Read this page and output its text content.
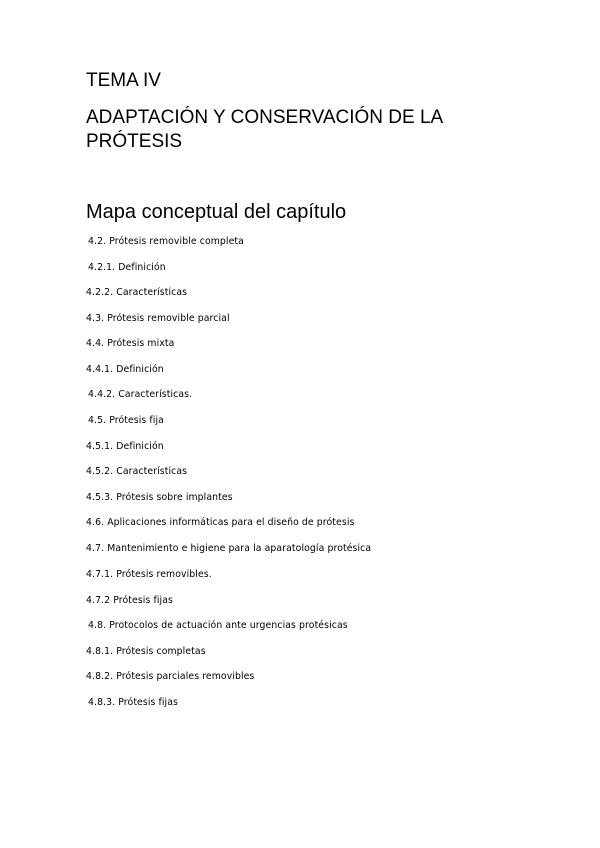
TEMA IV
ADAPTACIÓN Y CONSERVACIÓN DE LA PRÓTESIS
Mapa conceptual del capítulo
4.2. Prótesis removible completa
4.2.1. Definición
4.2.2. Características
4.3. Prótesis removible parcial
4.4. Prótesis mixta
4.4.1. Definición
4.4.2. Características.
4.5. Prótesis fija
4.5.1. Definición
4.5.2. Características
4.5.3. Prótesis sobre implantes
4.6. Aplicaciones informáticas para el diseño de prótesis
4.7. Mantenimiento e higiene para la aparatología protésica
4.7.1. Prótesis removibles.
4.7.2 Prótesis fijas
4.8. Protocolos de actuación ante urgencias protésicas
4.8.1. Prótesis completas
4.8.2. Prótesis parciales removibles
4.8.3. Prótesis fijas
